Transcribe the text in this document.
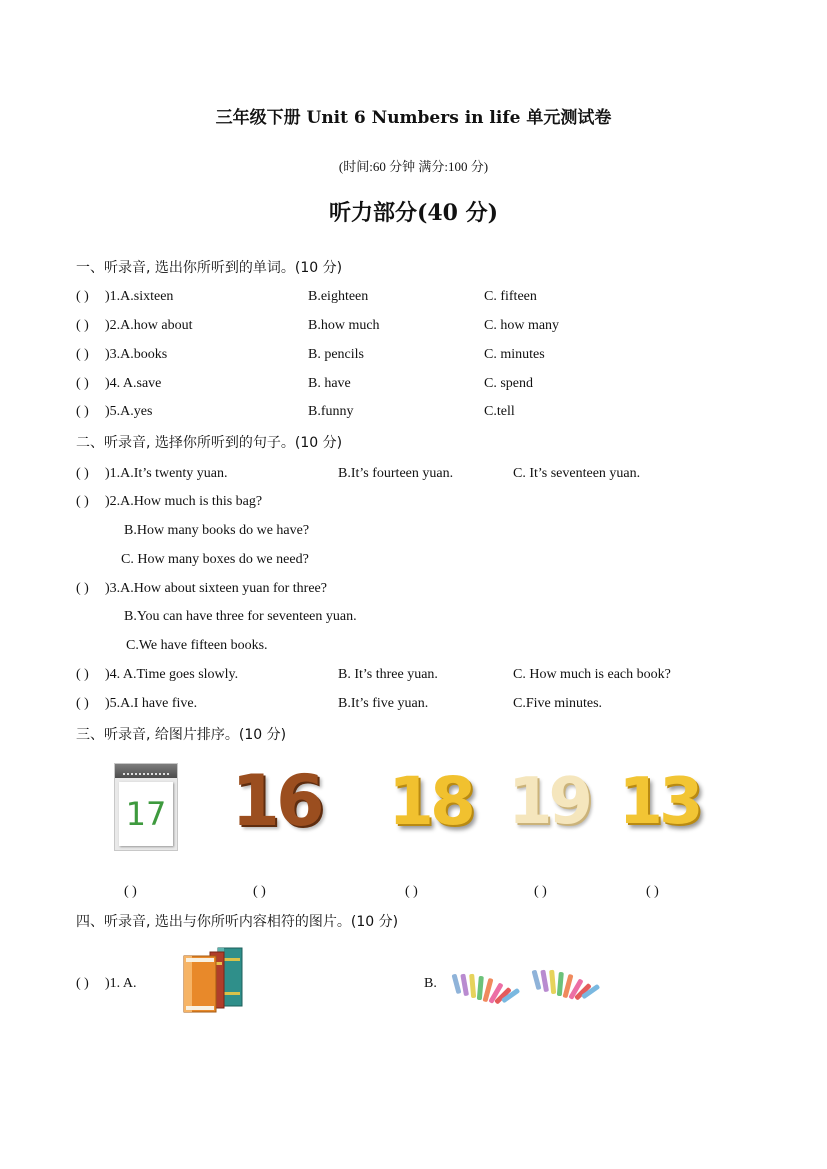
三年级下册 Unit 6 Numbers in life 单元测试卷
(时间:60 分钟 满分:100 分)
听力部分(40 分)
一、听录音, 选出你所听到的单词。(10 分)
( ) )1.A.sixteen	B.eighteen	C. fifteen
( ) )2.A.how about	B.how much	C. how many
( ) )3.A.books	B. pencils	C. minutes
( ) )4. A.save	B. have	C. spend
( ) )5.A.yes	B.funny	C.tell
二、听录音, 选择你所听到的句子。(10 分)
( ) )1.A.It’s twenty yuan.	B.It’s fourteen yuan.	C. It’s seventeen yuan.
( ) )2.A.How much is this bag?
B.How many books do we have?
C. How many boxes do we need?
( ) )3.A.How about sixteen yuan for three?
B.You can have three for seventeen yuan.
C.We have fifteen books.
( ) )4. A.Time goes slowly.	B. It’s three yuan.	C. How much is each book?
( ) )5.A.I have five.	B.It’s five yuan.	C.Five minutes.
三、听录音, 给图片排序。(10 分)
17 16 18 19 13
( )	( )	( )	( )	( )
四、听录音, 选出与你所听内容相符的图片。(10 分)
( ) )1. A.	B.
